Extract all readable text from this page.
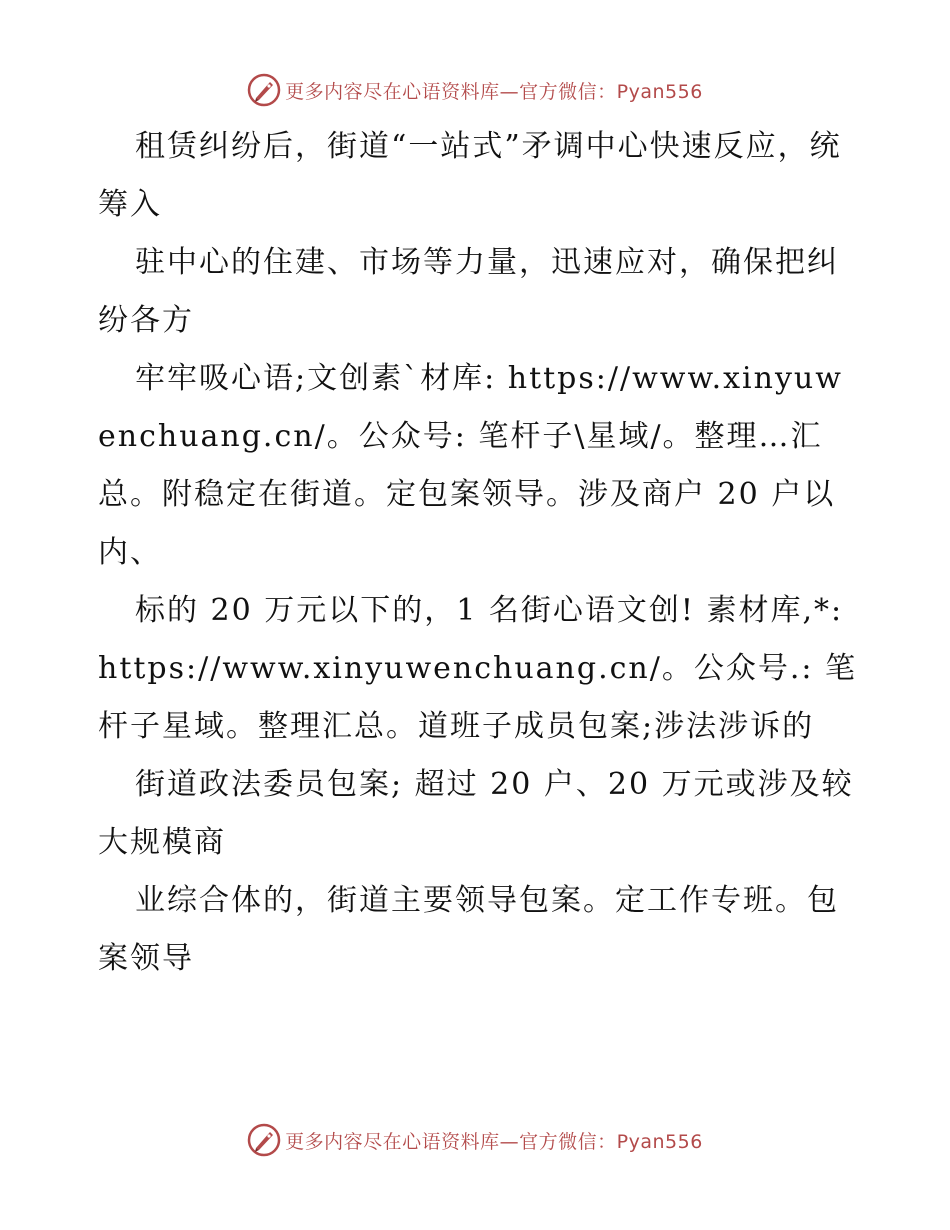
更多内容尽在心语资料库—官方微信：Pyan556

租赁纠纷后，街道“一站式”矛调中心快速反应，统筹入

驻中心的住建、市场等力量，迅速应对，确保把纠纷各方

牢牢吸心语;文创素`材库: https://www.xinyuwenchuang.cn/。公众号: 笔杆子\星域/。整理…汇总。附稳定在街道。定包案领导。涉及商户 20 户以内、

标的 20 万元以下的，1 名街心语文创! 素材库,*: https://www.xinyuwenchuang.cn/。公众号.: 笔杆子星域。整理汇总。道班子成员包案;涉法涉诉的

街道政法委员包案; 超过 20 户、20 万元或涉及较大规模商

业综合体的，街道主要领导包案。定工作专班。包案领导

更多内容尽在心语资料库—官方微信：Pyan556
